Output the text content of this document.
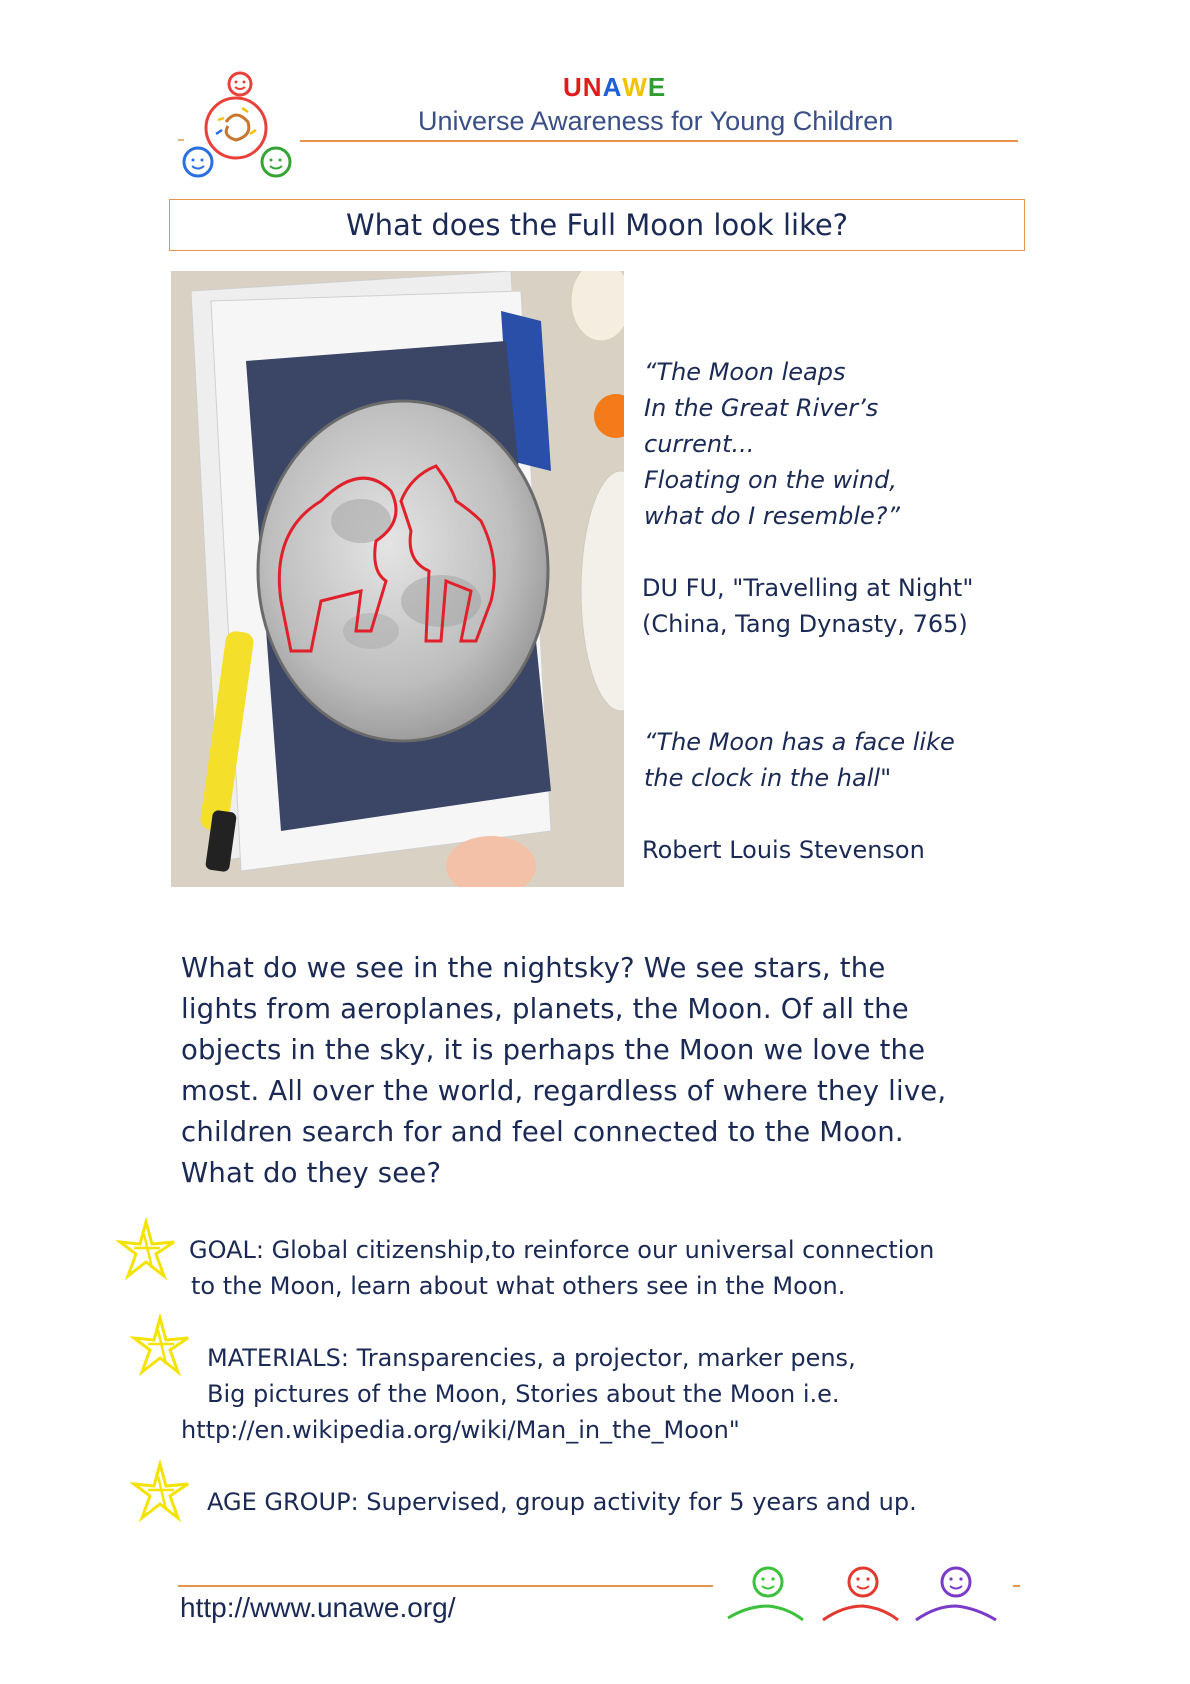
UNAWE
Universe Awareness for Young Children
What does the Full Moon look like?
“The Moon leaps
In the Great River’s
current...
Floating on the wind,
what do I resemble?”
DU FU, "Travelling at Night"
(China, Tang Dynasty, 765)
“The Moon has a face like
the clock in the hall"
Robert Louis Stevenson
What do we see in the nightsky? We see stars, the
lights from aeroplanes, planets, the Moon. Of all the
objects in the sky, it is perhaps the Moon we love the
most. All over the world, regardless of where they live,
children search for and feel connected to the Moon.
What do they see?
GOAL: Global citizenship,to reinforce our universal connection
to the Moon, learn about what others see in the Moon.
MATERIALS: Transparencies, a projector, marker pens,
Big pictures of the Moon, Stories about the Moon i.e.
http://en.wikipedia.org/wiki/Man_in_the_Moon"
AGE GROUP: Supervised, group activity for 5 years and up.
http://www.unawe.org/
